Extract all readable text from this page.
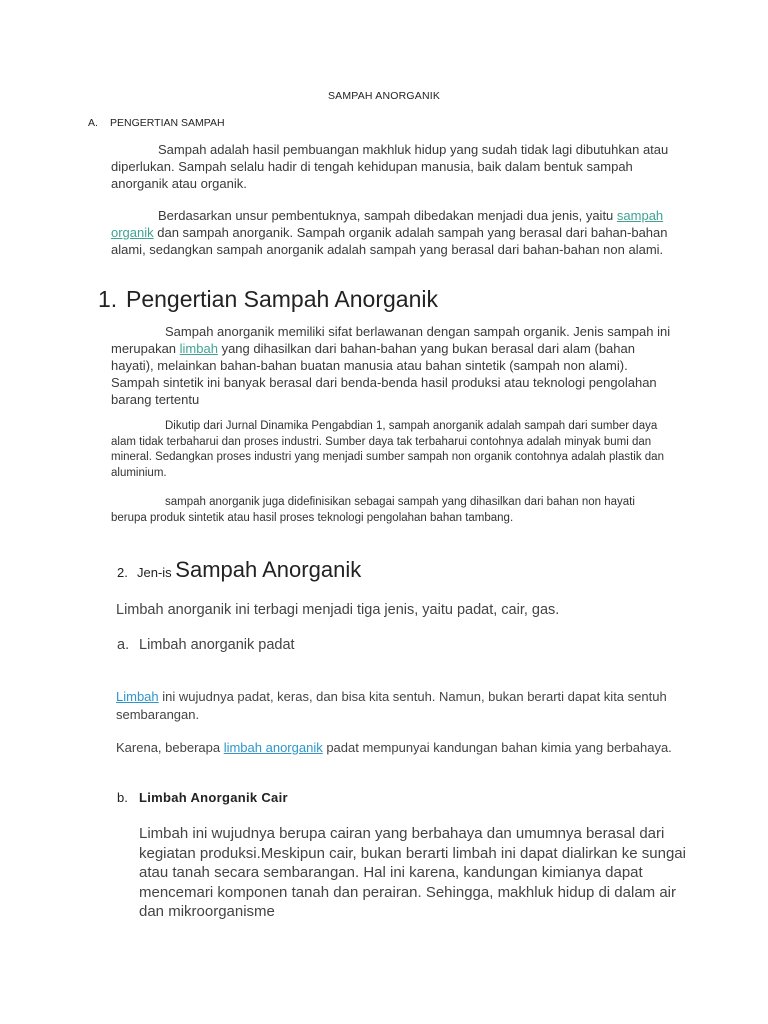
SAMPAH ANORGANIK
A. PENGERTIAN SAMPAH

Sampah adalah hasil pembuangan makhluk hidup yang sudah tidak lagi dibutuhkan atau diperlukan. Sampah selalu hadir di tengah kehidupan manusia, baik dalam bentuk sampah anorganik atau organik.

Berdasarkan unsur pembentuknya, sampah dibedakan menjadi dua jenis, yaitu sampah organik dan sampah anorganik. Sampah organik adalah sampah yang berasal dari bahan-bahan alami, sedangkan sampah anorganik adalah sampah yang berasal dari bahan-bahan non alami.

1. Pengertian Sampah Anorganik

Sampah anorganik memiliki sifat berlawanan dengan sampah organik. Jenis sampah ini merupakan limbah yang dihasilkan dari bahan-bahan yang bukan berasal dari alam (bahan hayati), melainkan bahan-bahan buatan manusia atau bahan sintetik (sampah non alami). Sampah sintetik ini banyak berasal dari benda-benda hasil produksi atau teknologi pengolahan barang tertentu

Dikutip dari Jurnal Dinamika Pengabdian 1, sampah anorganik adalah sampah dari sumber daya alam tidak terbaharui dan proses industri. Sumber daya tak terbaharui contohnya adalah minyak bumi dan mineral. Sedangkan proses industri yang menjadi sumber sampah non organik contohnya adalah plastik dan aluminium.

sampah anorganik juga didefinisikan sebagai sampah yang dihasilkan dari bahan non hayati berupa produk sintetik atau hasil proses teknologi pengolahan bahan tambang.

2. Jen-is Sampah Anorganik

Limbah anorganik ini terbagi menjadi tiga jenis, yaitu padat, cair, gas.

a. Limbah anorganik padat

Limbah ini wujudnya padat, keras, dan bisa kita sentuh. Namun, bukan berarti dapat kita sentuh sembarangan.

Karena, beberapa limbah anorganik padat mempunyai kandungan bahan kimia yang berbahaya.

b. Limbah Anorganik Cair

Limbah ini wujudnya berupa cairan yang berbahaya dan umumnya berasal dari kegiatan produksi.Meskipun cair, bukan berarti limbah ini dapat dialirkan ke sungai atau tanah secara sembarangan. Hal ini karena, kandungan kimianya dapat mencemari komponen tanah dan perairan. Sehingga, makhluk hidup di dalam air dan mikroorganisme
